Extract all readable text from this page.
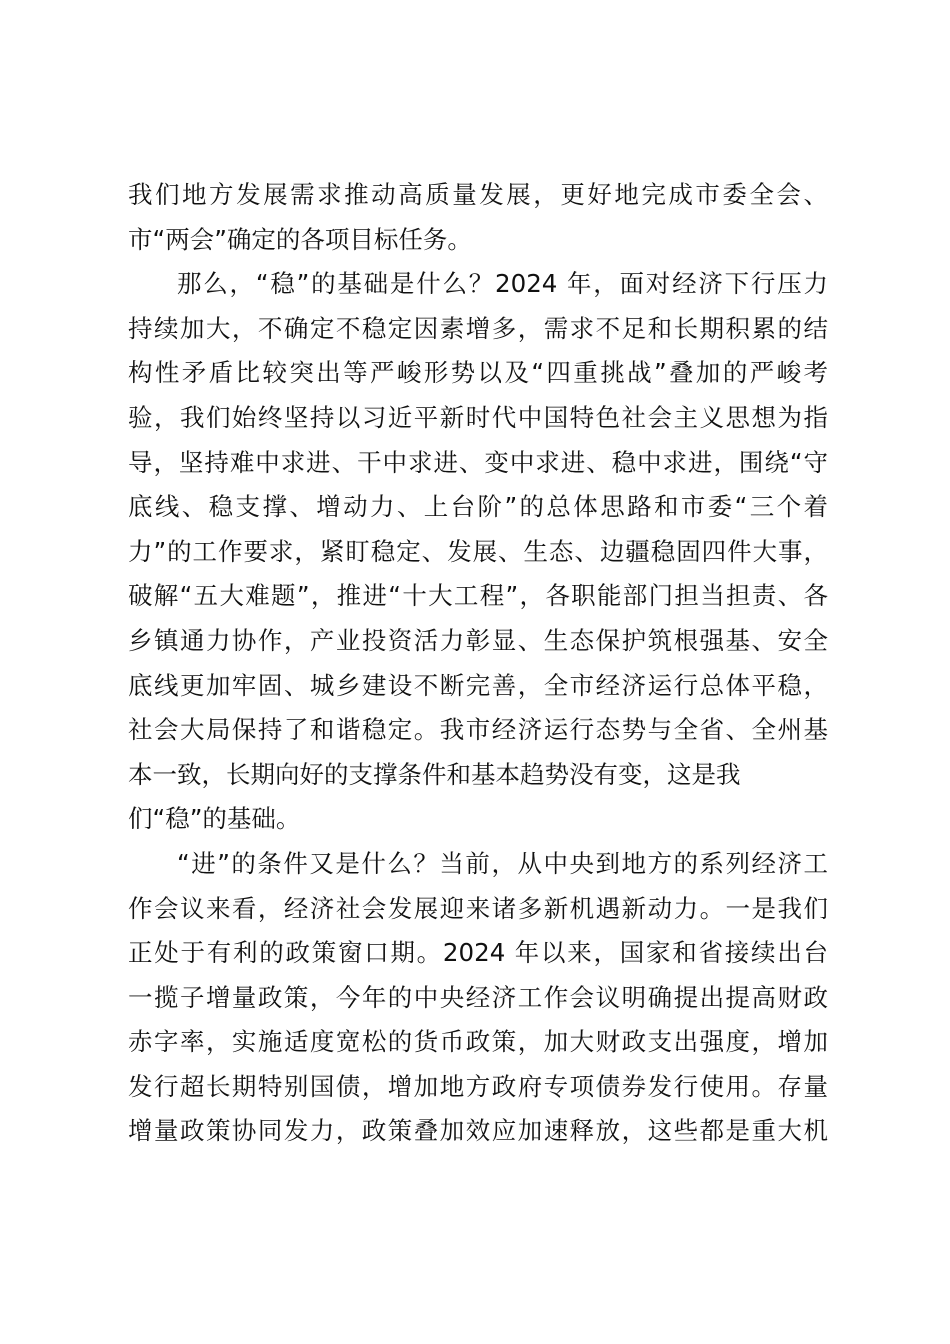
我们地方发展需求推动高质量发展，更好地完成市委全会、
市“两会”确定的各项目标任务。
那么，“稳”的基础是什么？2024 年，面对经济下行压力
持续加大，不确定不稳定因素增多，需求不足和长期积累的结
构性矛盾比较突出等严峻形势以及“四重挑战”叠加的严峻考
验，我们始终坚持以习近平新时代中国特色社会主义思想为指
导，坚持难中求进、干中求进、变中求进、稳中求进，围绕“守
底线、稳支撑、增动力、上台阶”的总体思路和市委“三个着
力”的工作要求，紧盯稳定、发展、生态、边疆稳固四件大事，
破解“五大难题”，推进“十大工程”，各职能部门担当担责、各
乡镇通力协作，产业投资活力彰显、生态保护筑根强基、安全
底线更加牢固、城乡建设不断完善，全市经济运行总体平稳，
社会大局保持了和谐稳定。我市经济运行态势与全省、全州基
本一致，长期向好的支撑条件和基本趋势没有变，这是我
们“稳”的基础。
“进”的条件又是什么？当前，从中央到地方的系列经济工
作会议来看，经济社会发展迎来诸多新机遇新动力。一是我们
正处于有利的政策窗口期。2024 年以来，国家和省接续出台
一揽子增量政策，今年的中央经济工作会议明确提出提高财政
赤字率，实施适度宽松的货币政策，加大财政支出强度，增加
发行超长期特别国债，增加地方政府专项债券发行使用。存量
增量政策协同发力，政策叠加效应加速释放，这些都是重大机
